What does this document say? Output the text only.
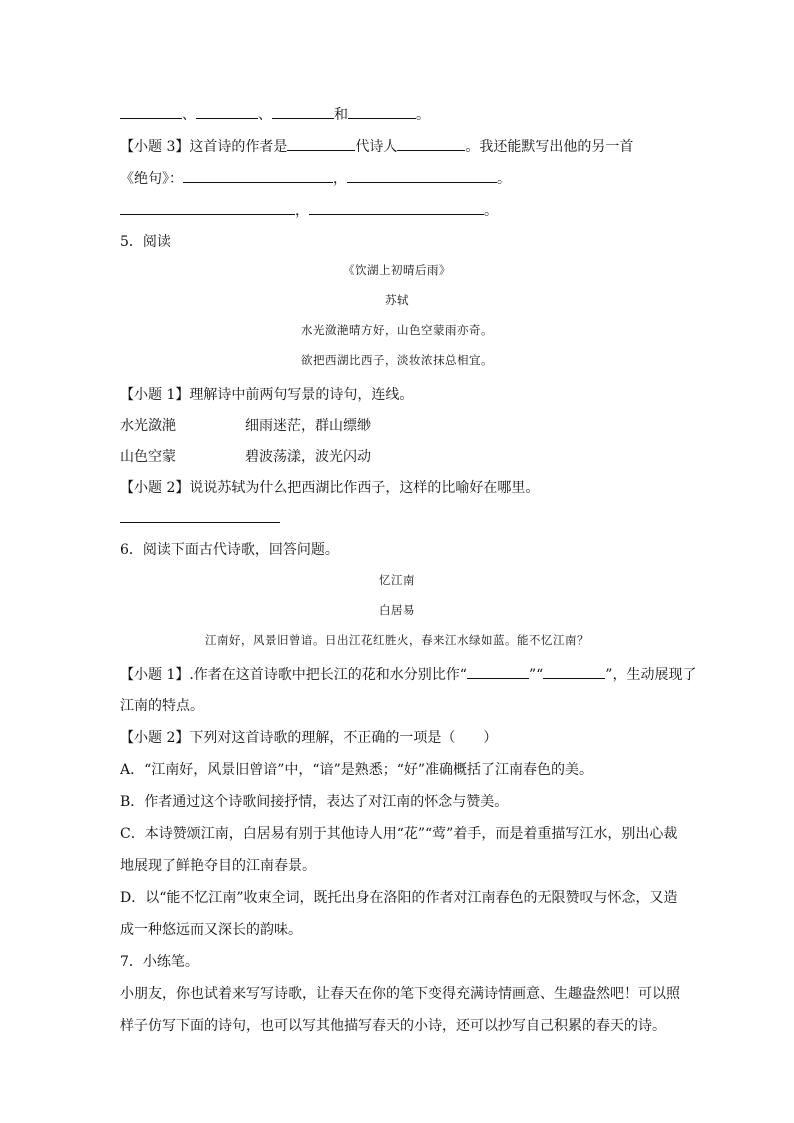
、	、	和	。
【小题 3】这首诗的作者是	代诗人	。我还能默写出他的另一首
《绝句》：	，	。
，	。
5．阅读
《饮湖上初晴后雨》
苏轼
水光潋滟晴方好，山色空蒙雨亦奇。
欲把西湖比西子，淡妆浓抹总相宜。
【小题 1】理解诗中前两句写景的诗句，连线。
水光潋滟	细雨迷茫，群山缥缈
山色空蒙	碧波荡漾，波光闪动
【小题 2】说说苏轼为什么把西湖比作西子，这样的比喻好在哪里。
6．阅读下面古代诗歌，回答问题。
忆江南
白居易
江南好，风景旧曾谙。日出江花红胜火，春来江水绿如蓝。能不忆江南？
【小题 1】.作者在这首诗歌中把长江的花和水分别比作“	”“	”，生动展现了
江南的特点。
【小题 2】下列对这首诗歌的理解，不正确的一项是（　　）
A．“江南好，风景旧曾谙”中，“谙”是熟悉；“好”准确概括了江南春色的美。
B．作者通过这个诗歌间接抒情，表达了对江南的怀念与赞美。
C．本诗赞颂江南，白居易有别于其他诗人用“花”“莺”着手，而是着重描写江水，别出心裁
地展现了鲜艳夺目的江南春景。
D．以“能不忆江南”收束全词，既托出身在洛阳的作者对江南春色的无限赞叹与怀念，又造
成一种悠远而又深长的韵味。
7．小练笔。
小朋友，你也试着来写写诗歌，让春天在你的笔下变得充满诗情画意、生趣盎然吧！可以照
样子仿写下面的诗句，也可以写其他描写春天的小诗，还可以抄写自己积累的春天的诗。
